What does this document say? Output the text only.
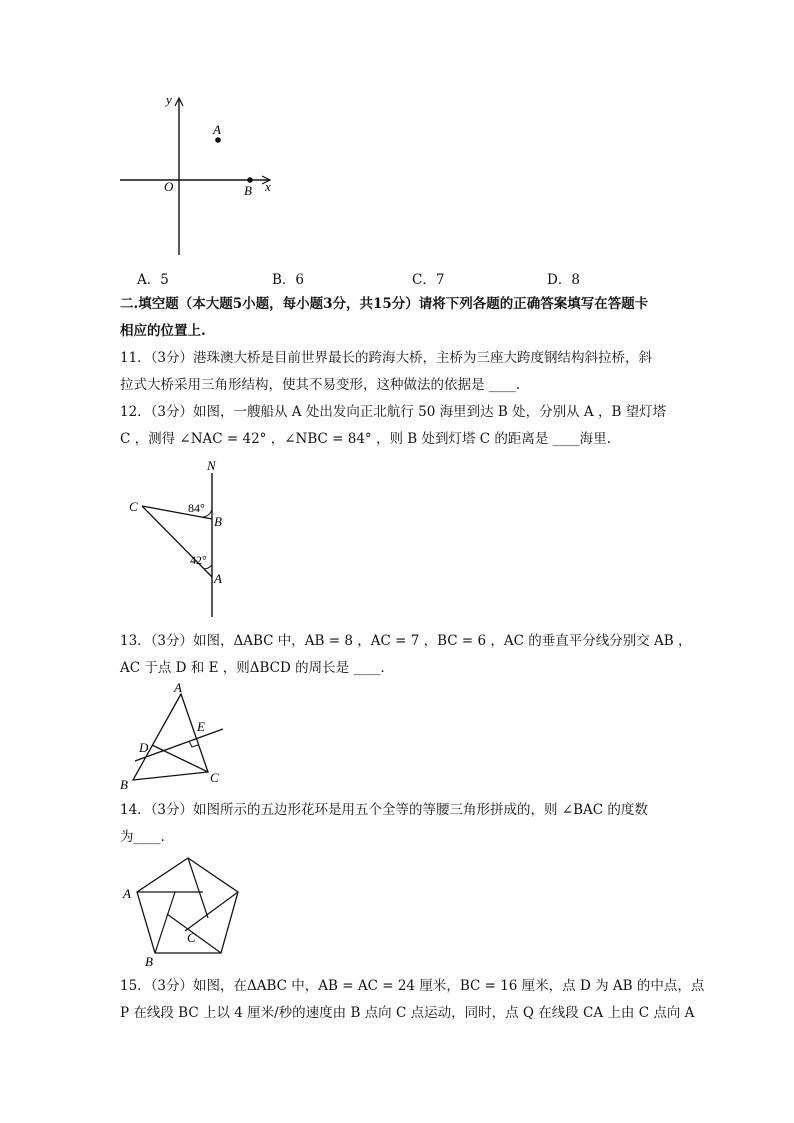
y
x
O
A
B
A．5	B．6	C．7	D．8
二.填空题（本大题5小题，每小题3分，共15分）请将下列各题的正确答案填写在答题卡
相应的位置上.
11．（3分）港珠澳大桥是目前世界最长的跨海大桥，主桥为三座大跨度钢结构斜拉桥，斜
拉式大桥采用三角形结构，使其不易变形，这种做法的依据是 ____.
12．（3分）如图，一艘船从 A 处出发向正北航行 50 海里到达 B 处，分别从 A ，B 望灯塔
C ，测得 ∠NAC = 42° ，∠NBC = 84° ，则 B 处到灯塔 C 的距离是 ____海里.
N
C
B
A
84°
42°
13．（3分）如图，ΔABC 中，AB = 8 ，AC = 7 ，BC = 6 ，AC 的垂直平分线分别交 AB ，
AC 于点 D 和 E ，则ΔBCD 的周长是 ____.
A
E
D
B	C
14．（3分）如图所示的五边形花环是用五个全等的等腰三角形拼成的，则 ∠BAC 的度数
为____.
A
B
C
15．（3分）如图，在ΔABC 中，AB = AC = 24 厘米，BC = 16 厘米，点 D 为 AB 的中点，点
P 在线段 BC 上以 4 厘米/秒的速度由 B 点向 C 点运动，同时，点 Q 在线段 CA 上由 C 点向 A
